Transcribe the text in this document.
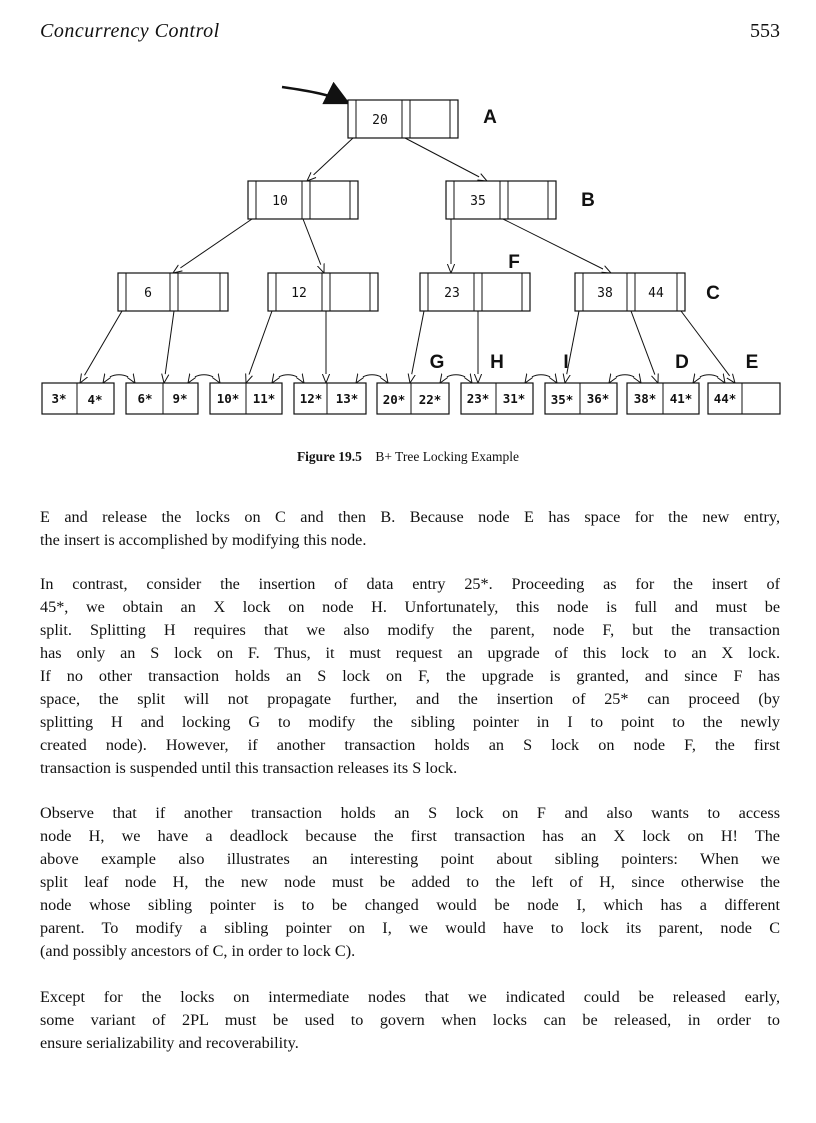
Concurrency Control	553
20	A
10	35	B
6	12	23
F
38	44 C
G H	I	D	E
3* 4*	6* 9* 10* 11* 12* 13* 20* 22* 23* 31* 35* 36* 38* 41* 44*
Figure 19.5 B+ Tree Locking Example

E and release the locks on C and then B. Because node E has space for the new entry,
the insert is accomplished by modifying this node.

In contrast, consider the insertion of data entry 25*. Proceeding as for the insert of
45*, we obtain an X lock on node H. Unfortunately, this node is full and must be
split. Splitting H requires that we also modify the parent, node F, but the transaction
has only an S lock on F. Thus, it must request an upgrade of this lock to an X lock.
If no other transaction holds an S lock on F, the upgrade is granted, and since F has
space, the split will not propagate further, and the insertion of 25* can proceed (by
splitting H and locking G to modify the sibling pointer in I to point to the newly
created node). However, if another transaction holds an S lock on node F, the first
transaction is suspended until this transaction releases its S lock.

Observe that if another transaction holds an S lock on F and also wants to access
node H, we have a deadlock because the first transaction has an X lock on H! The
above example also illustrates an interesting point about sibling pointers: When we
split leaf node H, the new node must be added to the left of H, since otherwise the
node whose sibling pointer is to be changed would be node I, which has a different
parent. To modify a sibling pointer on I, we would have to lock its parent, node C
(and possibly ancestors of C, in order to lock C).

Except for the locks on intermediate nodes that we indicated could be released early,
some variant of 2PL must be used to govern when locks can be released, in order to
ensure serializability and recoverability.
